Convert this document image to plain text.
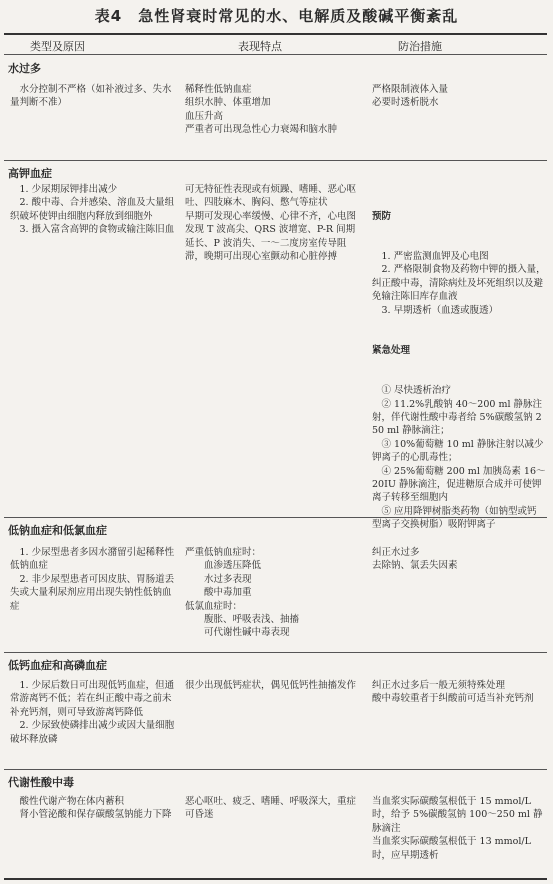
表4　急性肾衰时常见的水、电解质及酸碱平衡紊乱
类型及原因	表现特点	防治措施
水过多
　水分控制不严格（如补液过多、失水量判断不准）
稀释性低钠血症
组织水肿、体重增加
血压升高
严重者可出现急性心力衰竭和脑水肿
严格限制液体入量
必要时透析脱水
高钾血症
　1. 少尿期尿钾排出减少
　2. 酸中毒、合并感染、溶血及大量组织破坏使钾由细胞内释放到细胞外
　3. 摄入富含高钾的食物或输注陈旧血
可无特征性表现或有烦躁、嗜睡、恶心呕吐、四肢麻木、胸闷、憋气等症状
早期可发现心率缓慢、心律不齐，心电图发现 T 波高尖、QRS 波增宽、P-R 间期延长、P 波消失、一～二度房室传导阻滞，晚期可出现心室颤动和心脏停搏

预防

　1. 严密监测血钾及心电图
　2. 严格限制食物及药物中钾的摄入量，纠正酸中毒，清除病灶及坏死组织以及避免输注陈旧库存血液
　3. 早期透析（血透或腹透）

紧急处理

　① 尽快透析治疗
　② 11.2%乳酸钠 40～200 ml 静脉注射，伴代谢性酸中毒者给 5%碳酸氢钠 250 ml 静脉滴注；
　③ 10%葡萄糖 10 ml 静脉注射以减少钾离子的心肌毒性；
　④ 25%葡萄糖 200 ml 加胰岛素 16～20IU 静脉滴注，促进糖原合成并可使钾离子转移至细胞内
　⑤ 应用降钾树脂类药物（如钠型或钙型离子交换树脂）吸附钾离子

低钠血症和低氯血症
　1. 少尿型患者多因水潴留引起稀释性低钠血症
　2. 非少尿型患者可因皮肤、胃肠道丢失或大量利尿剂应用出现失钠性低钠血症
严重低钠血症时：
　　血渗透压降低
　　水过多表现
　　酸中毒加重
低氯血症时：
　　腹胀、呼吸表浅、抽搐
　　可代谢性碱中毒表现
纠正水过多
去除钠、氯丢失因素
低钙血症和高磷血症
　1. 少尿后数日可出现低钙血症，但通常游离钙不低；若在纠正酸中毒之前未补充钙剂，则可导致游离钙降低
　2. 少尿致使磷排出减少或因大量细胞破坏释放磷
很少出现低钙症状，偶见低钙性抽搐发作 纠正水过多后一般无须特殊处理
酸中毒较重者于纠酸前可适当补充钙剂
代谢性酸中毒
　酸性代谢产物在体内蓄积
　肾小管泌酸和保存碳酸氢钠能力下降
恶心呕吐、疲乏、嗜睡、呼吸深大，重症可昏迷
当血浆实际碳酸氢根低于 15 mmol/L 时，给予 5%碳酸氢钠 100～250 ml 静脉滴注
当血浆实际碳酸氢根低于 13 mmol/L 时，应早期透析
